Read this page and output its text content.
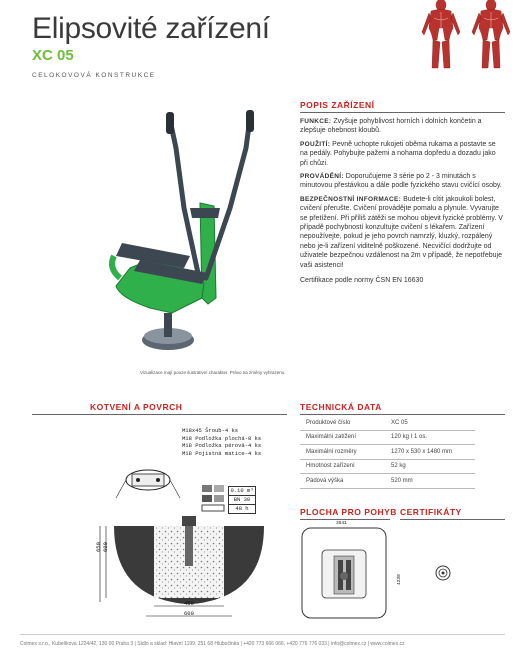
Elipsovité zařízení
XC 05
CELOKOVOVÁ KONSTRUKCE
Vizualizace mají pouze ilustrativní charakter. Právo na změny vyhrazeno.
POPIS ZAŘÍZENÍ
FUNKCE: Zvyšuje pohyblivost horních i dolních končetin a zlepšuje ohebnost kloubů.
POUŽITÍ: Pevně uchopte rukojeti oběma rukama a postavte se na pedály. Pohybujte pažemi a nohama dopředu a dozadu jako při chůzi.
PROVÁDĚNÍ: Doporučujeme 3 série po 2 - 3 minutách s minutovou přestávkou a dále podle fyzického stavu cvičící osoby.
BEZPEČNOSTNÍ INFORMACE: Budete-li cítit jakoukoli bolest, cvičení přerušte. Cvičení provádějte pomalu a plynule. Vyvarujte se přetížení. Při příliš zátěži se mohou objevit fyzické problémy. V případě pochybností konzultujte cvičení s lékařem. Zařízení nepoužívejte, pokud je jeho povrch namrzlý, kluzký, rozpálený nebo je-li zařízení viditelně poškozené. Necvičící dodržujte od uživatele bezpečnou vzdálenost na 2m v případě, že nepotřebuje vaši asistenci!
Certifikace podle normy ČSN EN 16630
KOTVENÍ A POVRCH
M18x45 Šroub-4 ks
M18 Podložka plochá-8 ks
M18 Podložka pérová-4 ks
M18 Pojistná matice-4 ks
0.10 m³
BN 30
48 h
650 600
450
600
TECHNICKÁ DATA
Produktové číslo	XC 05
Maximální zatížení	120 kg I 1 os.
Maximální rozměry	1270 x 530 x 1480 mm
Hmotnost zařízení	52 kg
Pádová výška	520 mm
PLOCHA PRO POHYB
3541
4238
CERTIFIKÁTY
Colmex s.r.o., Kubelíkova 1224/42, 130 00 Praha 3 | Sídlo a sklad: Hlavní 1199, 251 68 Hlubočinka | +420 773 666 066, +420 776 776 033 | info@colmex.cz | www.colmex.cz
